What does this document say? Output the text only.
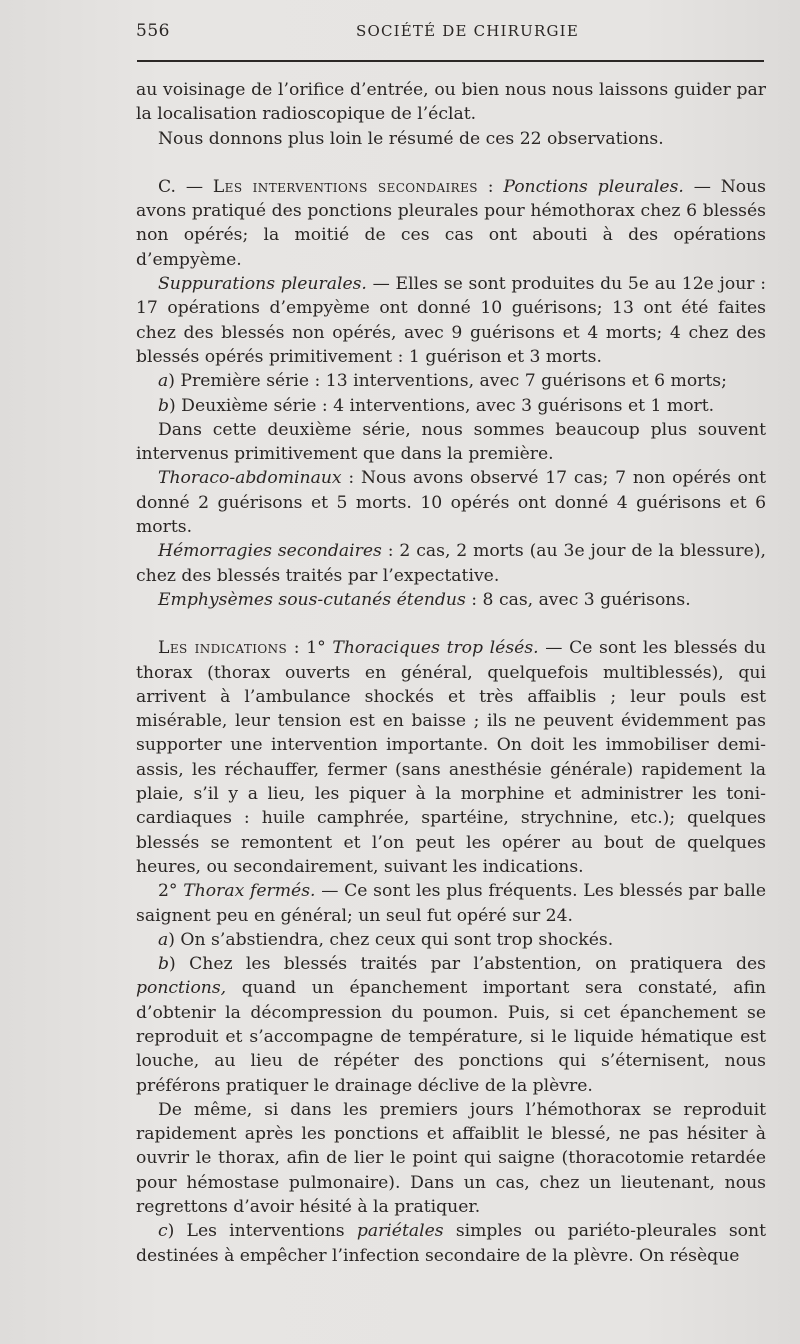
556	SOCIÉTÉ DE CHIRURGIE

au voisinage de l’orifice d’entrée, ou bien nous nous laissons guider par la localisation radioscopique de l’éclat.

Nous donnons plus loin le résumé de ces 22 observations.

C. — Les interventions secondaires : Ponctions pleurales. — Nous avons pratiqué des ponctions pleurales pour hémothorax chez 6 blessés non opérés; la moitié de ces cas ont abouti à des opérations d’empyème.

Suppurations pleurales. — Elles se sont produites du 5e au 12e jour : 17 opérations d’empyème ont donné 10 guérisons; 13 ont été faites chez des blessés non opérés, avec 9 guérisons et 4 morts; 4 chez des blessés opérés primitivement : 1 guérison et 3 morts.

a) Première série : 13 interventions, avec 7 guérisons et 6 morts;

b) Deuxième série : 4 interventions, avec 3 guérisons et 1 mort.

Dans cette deuxième série, nous sommes beaucoup plus souvent intervenus primitivement que dans la première.

Thoraco-abdominaux : Nous avons observé 17 cas; 7 non opérés ont donné 2 guérisons et 5 morts. 10 opérés ont donné 4 guérisons et 6 morts.

Hémorragies secondaires : 2 cas, 2 morts (au 3e jour de la blessure), chez des blessés traités par l’expectative.

Emphysèmes sous-cutanés étendus : 8 cas, avec 3 guérisons.

Les indications : 1° Thoraciques trop lésés. — Ce sont les blessés du thorax (thorax ouverts en général, quelquefois multiblessés), qui arrivent à l’ambulance shockés et très affaiblis ; leur pouls est misérable, leur tension est en baisse ; ils ne peuvent évidemment pas supporter une intervention importante. On doit les immobiliser demi-assis, les réchauffer, fermer (sans anesthésie générale) rapidement la plaie, s’il y a lieu, les piquer à la morphine et administrer les toni-cardiaques : huile camphrée, spartéine, strychnine, etc.); quelques blessés se remontent et l’on peut les opérer au bout de quelques heures, ou secondairement, suivant les indications.

2° Thorax fermés. — Ce sont les plus fréquents. Les blessés par balle saignent peu en général; un seul fut opéré sur 24.

a) On s’abstiendra, chez ceux qui sont trop shockés.

b) Chez les blessés traités par l’abstention, on pratiquera des ponctions, quand un épanchement important sera constaté, afin d’obtenir la décompression du poumon. Puis, si cet épanchement se reproduit et s’accompagne de température, si le liquide hématique est louche, au lieu de répéter des ponctions qui s’éternisent, nous préférons pratiquer le drainage déclive de la plèvre.

De même, si dans les premiers jours l’hémothorax se reproduit rapidement après les ponctions et affaiblit le blessé, ne pas hésiter à ouvrir le thorax, afin de lier le point qui saigne (thoracotomie retardée pour hémostase pulmonaire). Dans un cas, chez un lieutenant, nous regrettons d’avoir hésité à la pratiquer.

c) Les interventions pariétales simples ou pariéto-pleurales sont destinées à empêcher l’infection secondaire de la plèvre. On résèque
